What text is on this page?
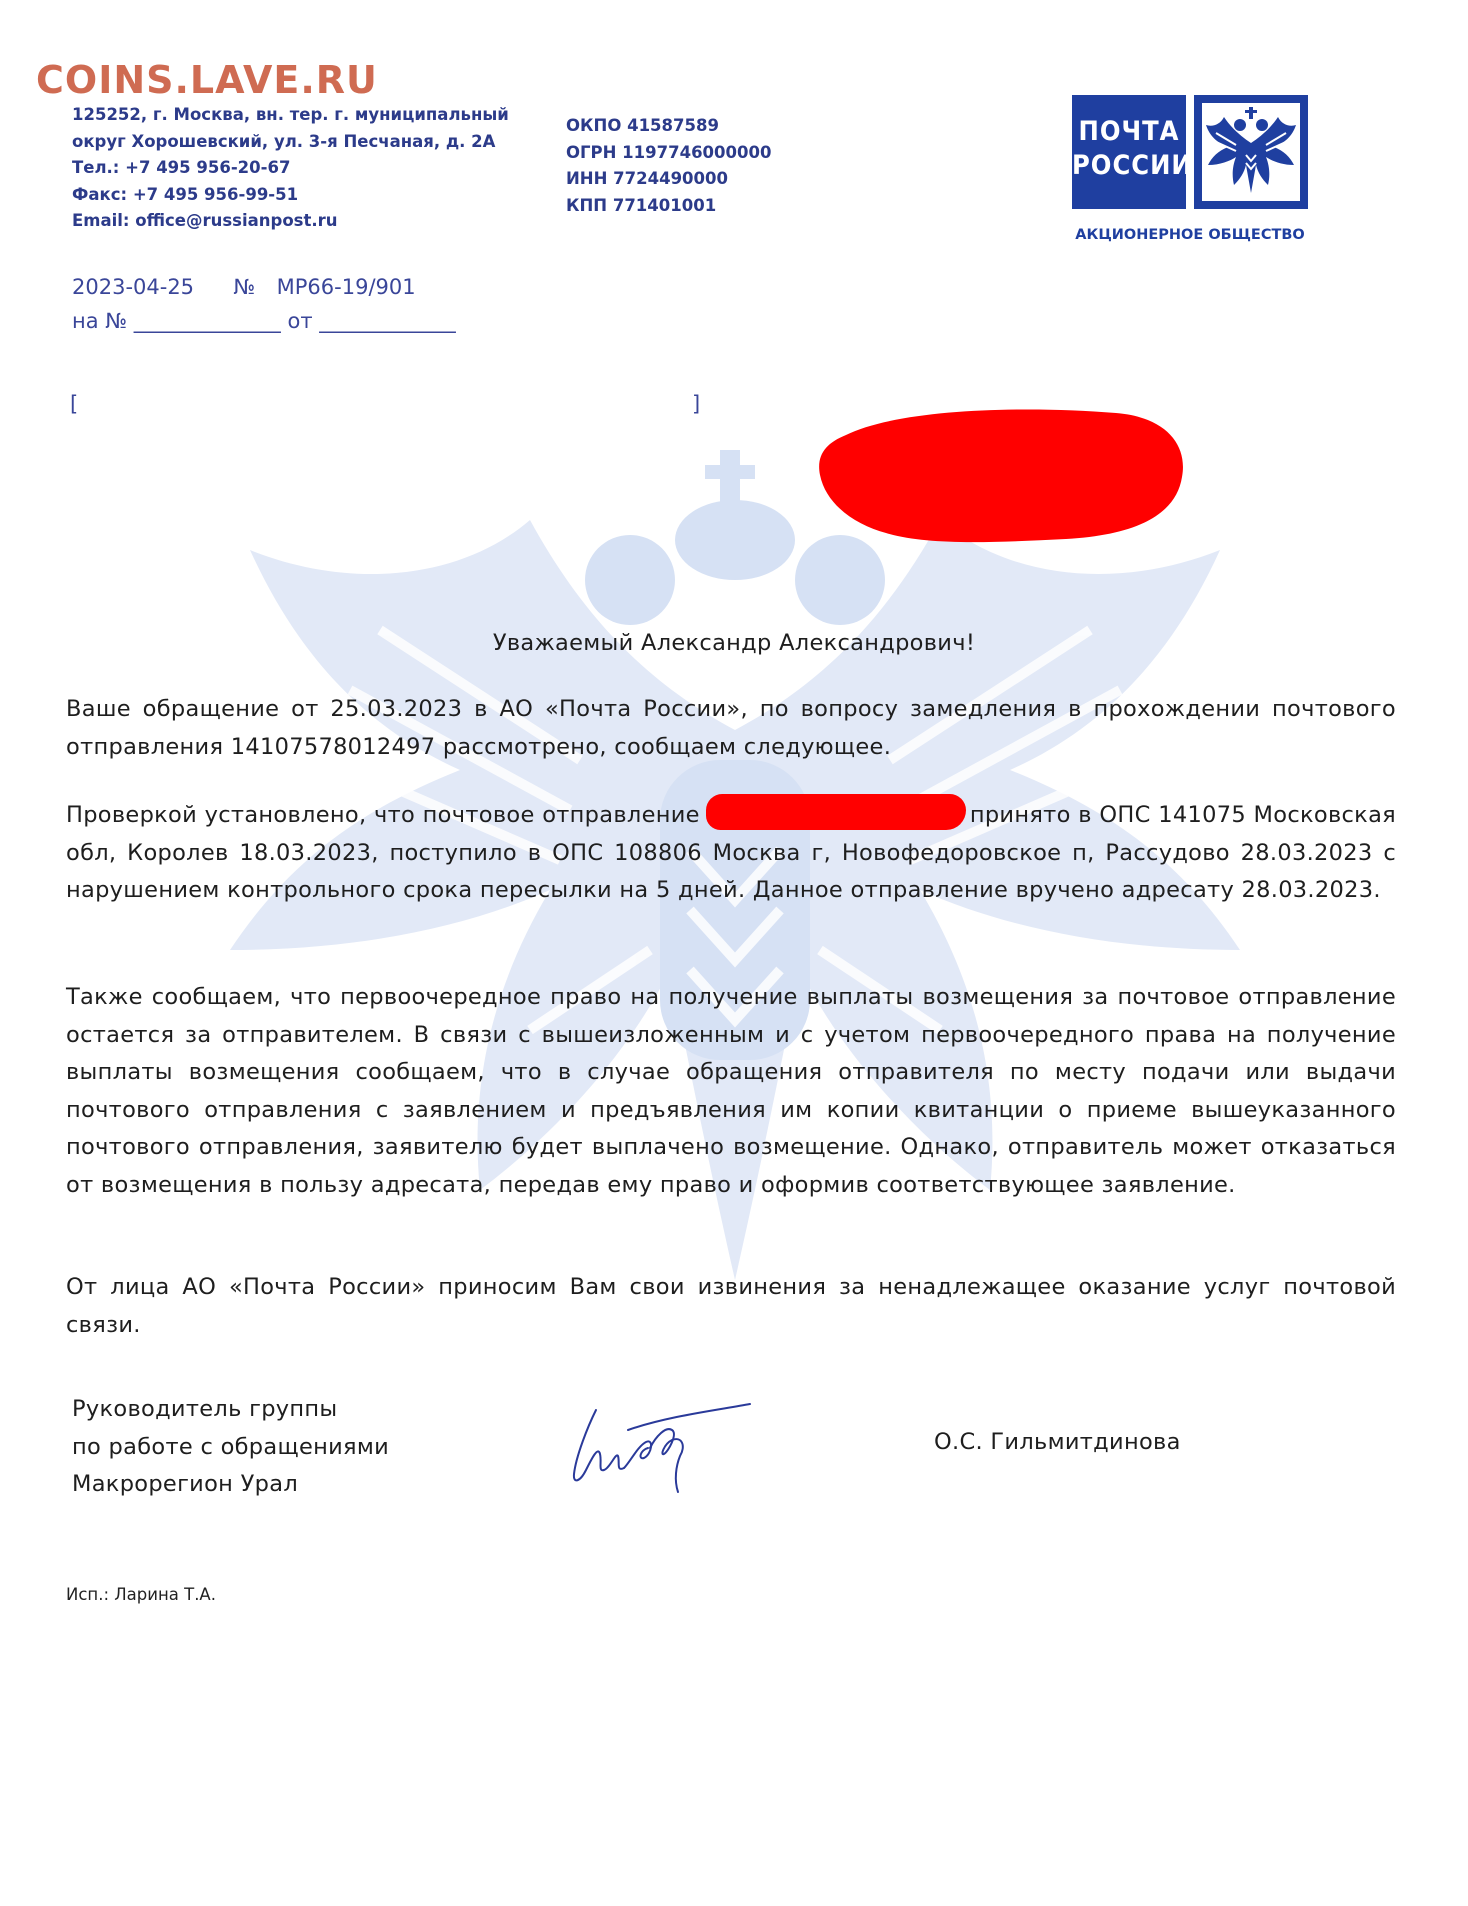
COINS.LAVE.RU
125252, г. Москва, вн. тер. г. муниципальный
округ Хорошевский, ул. 3-я Песчаная, д. 2А
Тел.: +7 495 956-20-67
Факс: +7 495 956-99-51
Email: office@russianpost.ru
ОКПО 41587589
ОГРН 1197746000000
ИНН 7724490000
КПП 771401001
ПОЧТА
РОССИИ
АКЦИОНЕРНОЕ ОБЩЕСТВО
2023-04-25 № МР66-19/901
на № ______________ от _____________
[	]
Уважаемый Александр Александрович!

Ваше обращение от 25.03.2023 в АО «Почта России», по вопросу замедления в прохождении почтового отправления 14107578012497 рассмотрено, сообщаем следующее.

Проверкой установлено, что почтовое отправление	принято в ОПС 141075 Московская обл, Королев 18.03.2023, поступило в ОПС 108806 Москва г, Новофедоровское п, Рассудово 28.03.2023 с нарушением контрольного срока пересылки на 5 дней. Данное отправление вручено адресату 28.03.2023.

Также сообщаем, что первоочередное право на получение выплаты возмещения за почтовое отправление остается за отправителем. В связи с вышеизложенным и с учетом первоочередного права на получение выплаты возмещения сообщаем, что в случае обращения отправителя по месту подачи или выдачи почтового отправления с заявлением и предъявления им копии квитанции о приеме вышеуказанного почтового отправления, заявителю будет выплачено возмещение. Однако, отправитель может отказаться от возмещения в пользу адресата, передав ему право и оформив соответствующее заявление.

От лица АО «Почта России» приносим Вам свои извинения за ненадлежащее оказание услуг почтовой связи.

Руководитель группы
по работе с обращениями
Макрорегион Урал
О.С. Гильмитдинова
Исп.: Ларина Т.А.
